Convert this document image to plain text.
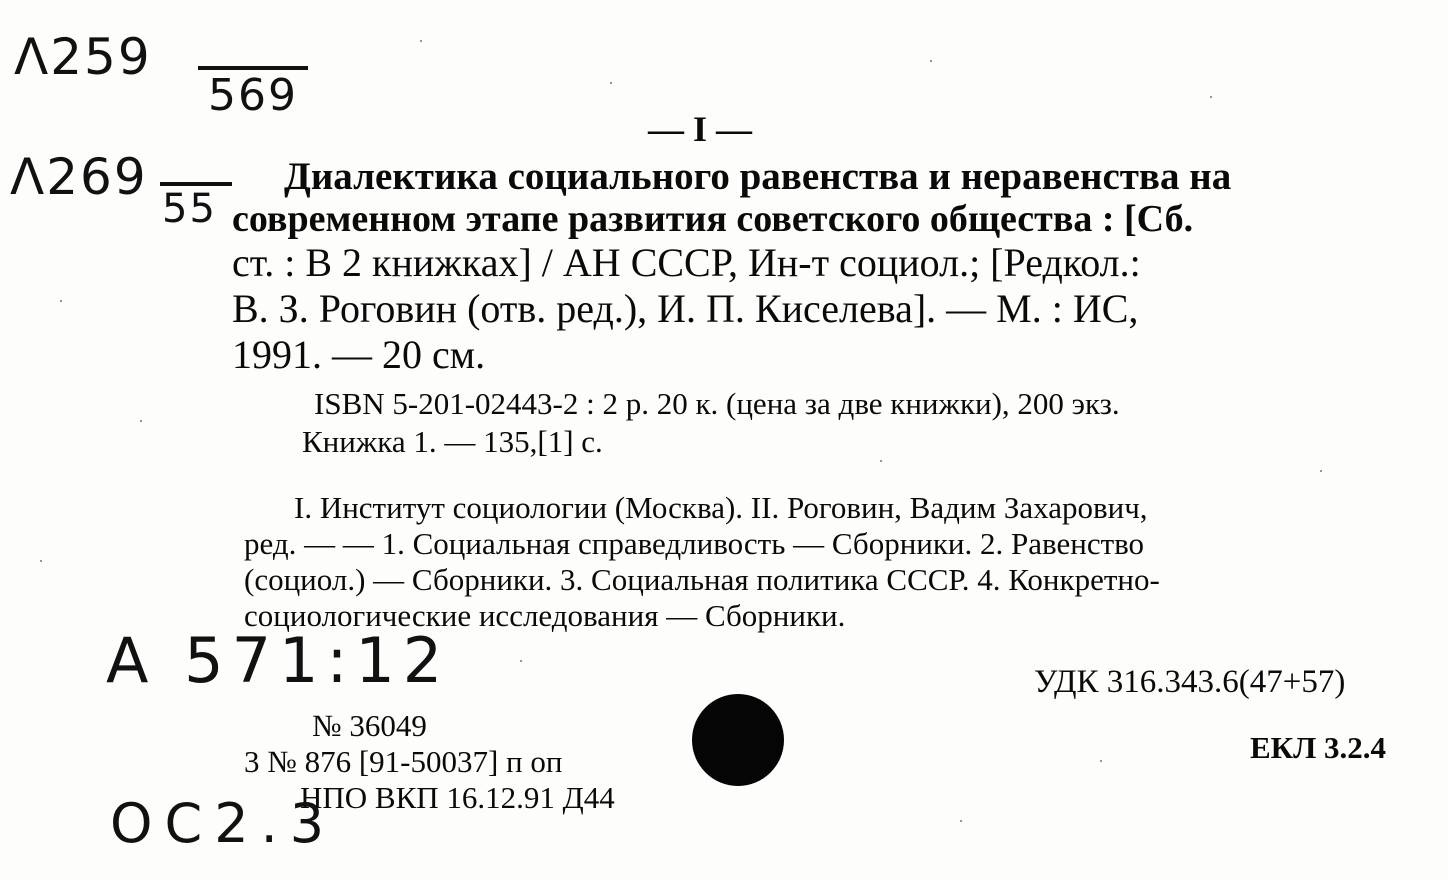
Λ259
569
Λ269
55
— I —
Диалектика социального равенства и неравенства на
современном этапе развития советского общества : [Сб.
ст. : В 2 книжках] / АН СССР, Ин-т социол.; [Редкол.:
В. З. Роговин (отв. ред.), И. П. Киселева]. — М. : ИС,
1991. — 20 см.
ISBN 5-201-02443-2 : 2 р. 20 к. (цена за две книжки), 200 экз.
Книжка 1. — 135,[1] с.
I. Институт социологии (Москва). II. Роговин, Вадим Захарович,
ред. — — 1. Социальная справедливость — Сборники. 2. Равенство
(социол.) — Сборники. 3. Социальная политика СССР. 4. Конкретно-
социологические исследования — Сборники.
А 571:12	УДК 316.343.6(47+57)
ЕКЛ 3.2.4
№ 36049
3 № 876 [91-50037] п оп
НПО ВКП 16.12.91 Д44
ОС2.3
